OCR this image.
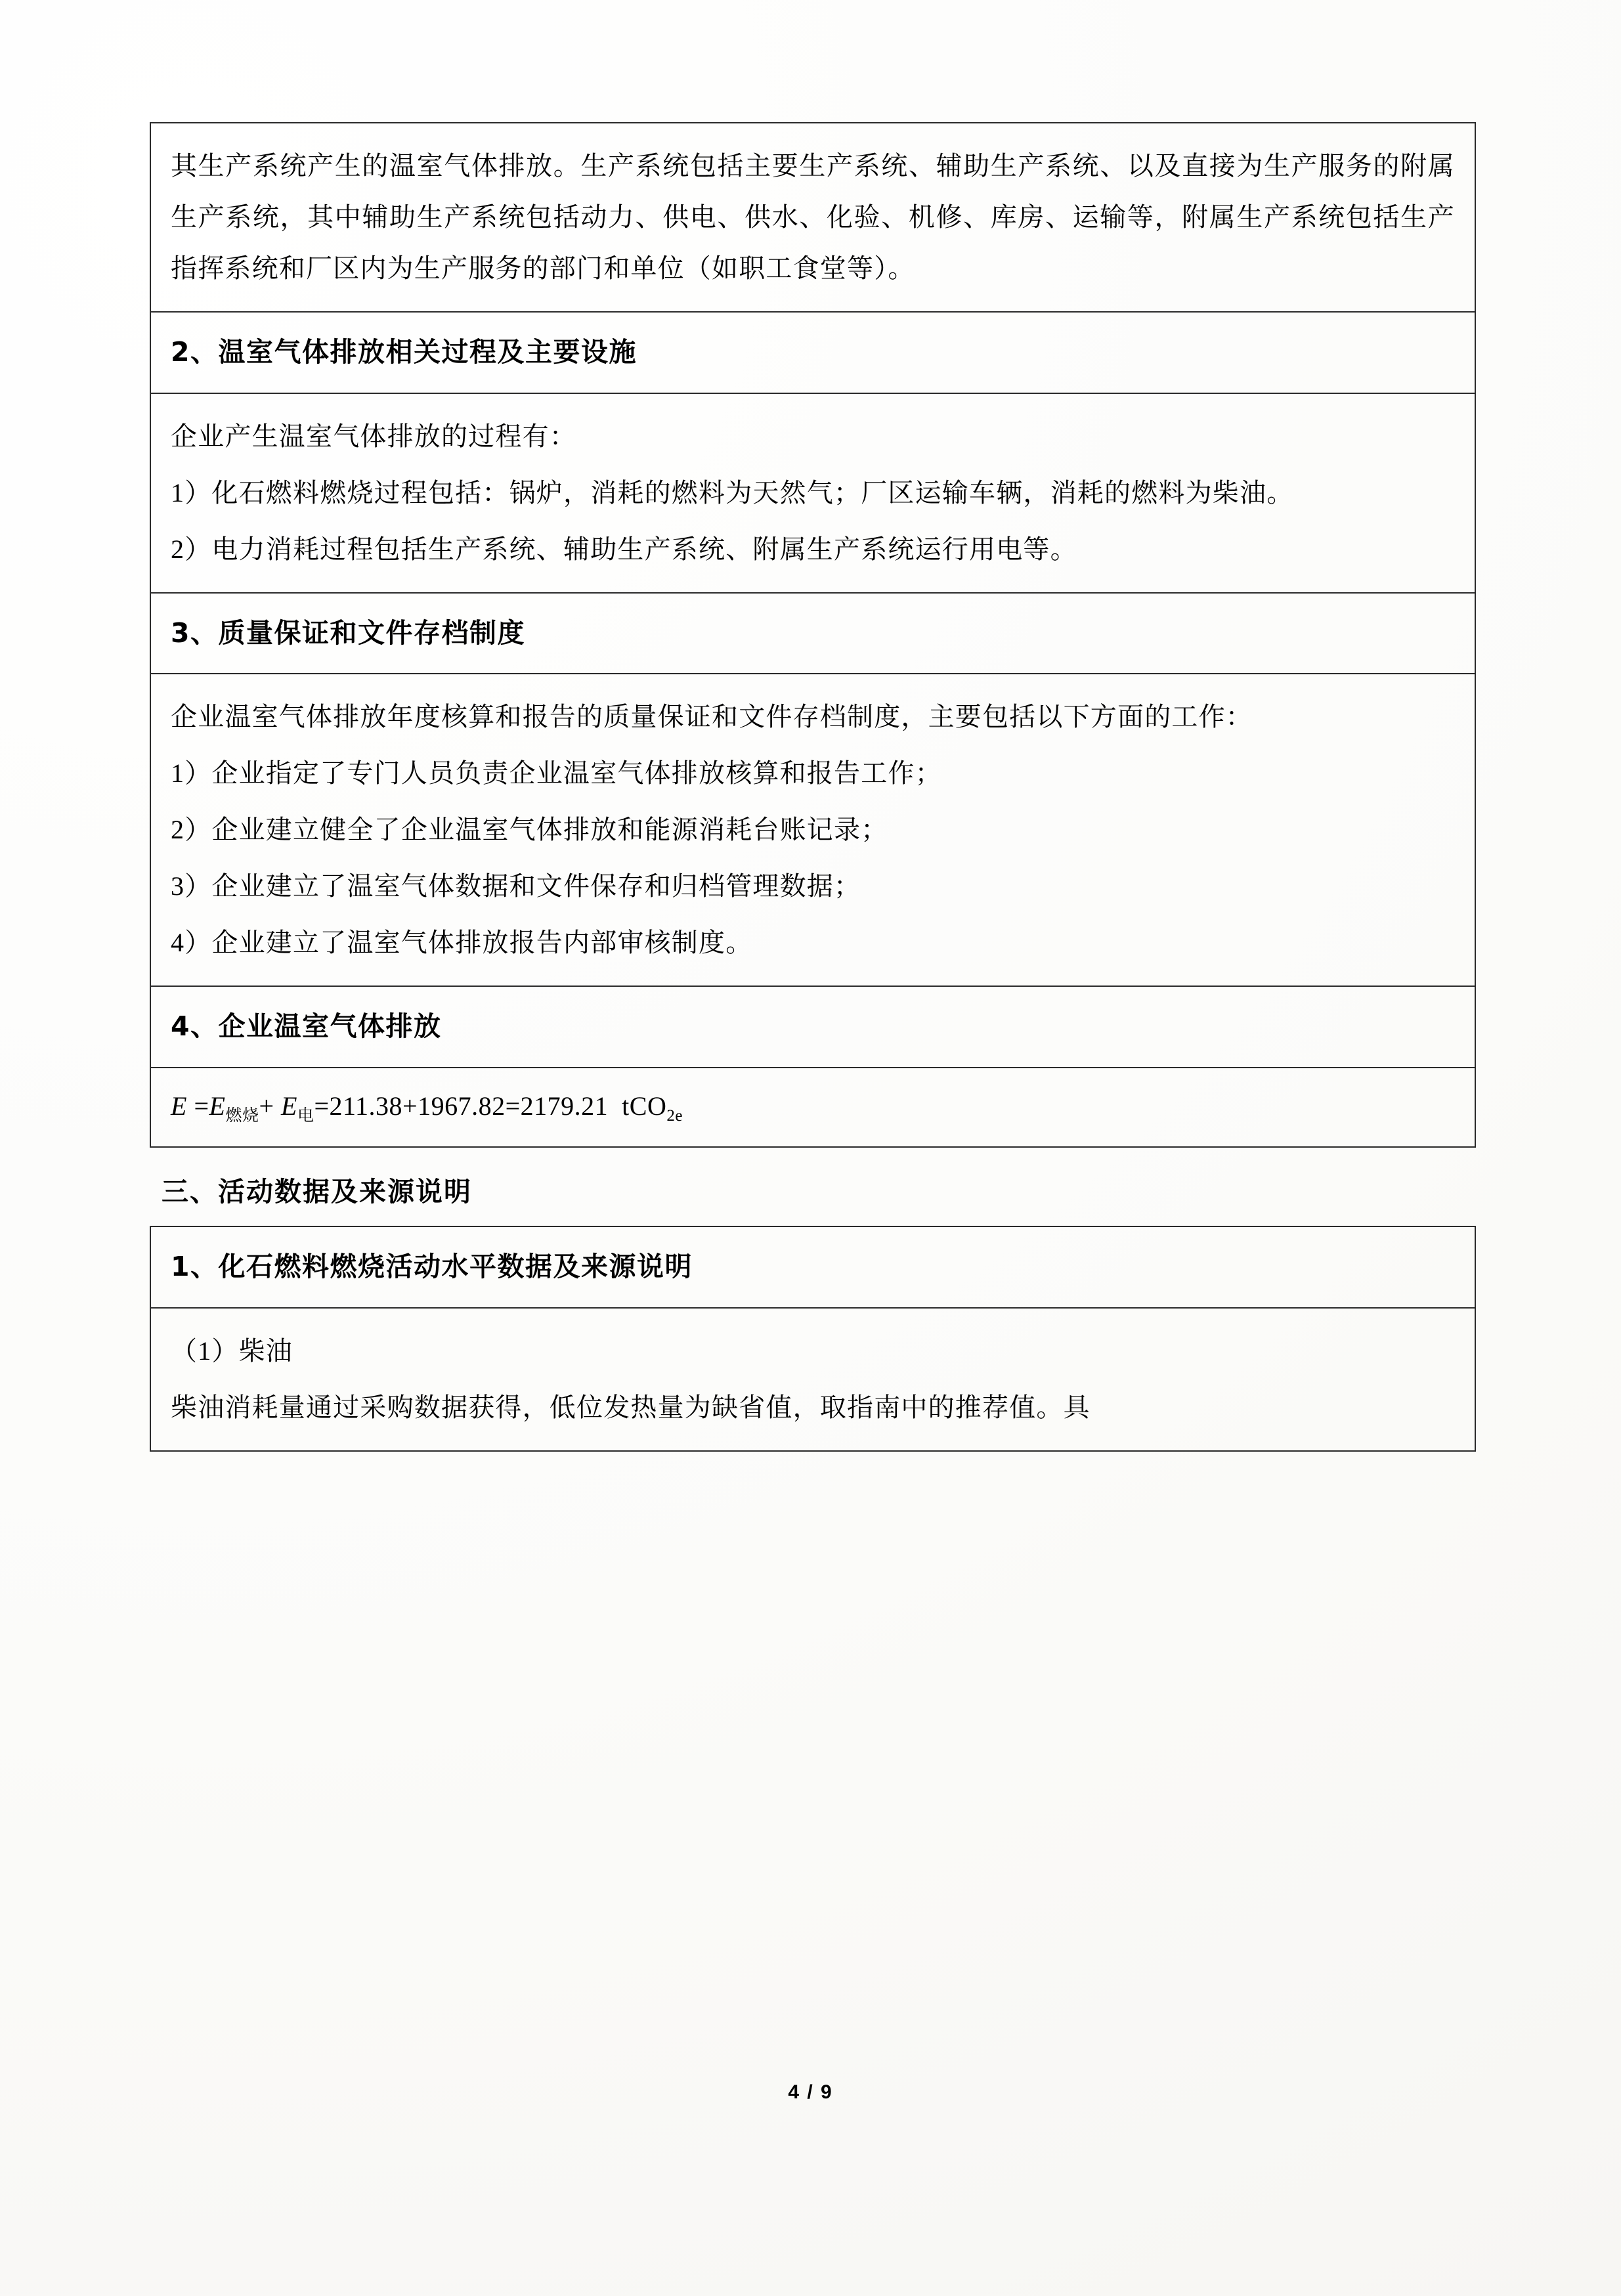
其生产系统产生的温室气体排放。生产系统包括主要生产系统、辅助生产系统、以及直接为生产服务的附属生产系统，其中辅助生产系统包括动力、供电、供水、化验、机修、库房、运输等，附属生产系统包括生产指挥系统和厂区内为生产服务的部门和单位（如职工食堂等）。

2、温室气体排放相关过程及主要设施

企业产生温室气体排放的过程有：

1）化石燃料燃烧过程包括：锅炉，消耗的燃料为天然气；厂区运输车辆，消耗的燃料为柴油。

2）电力消耗过程包括生产系统、辅助生产系统、附属生产系统运行用电等。

3、质量保证和文件存档制度

企业温室气体排放年度核算和报告的质量保证和文件存档制度，主要包括以下方面的工作：

1）企业指定了专门人员负责企业温室气体排放核算和报告工作；

2）企业建立健全了企业温室气体排放和能源消耗台账记录；

3）企业建立了温室气体数据和文件保存和归档管理数据；

4）企业建立了温室气体排放报告内部审核制度。

4、企业温室气体排放

$E =E_{燃烧}+ E_电=211.38+1967.82=2179.21$ tCO$_{2e}$

三、活动数据及来源说明

1、化石燃料燃烧活动水平数据及来源说明

（1）柴油

柴油消耗量通过采购数据获得，低位发热量为缺省值，取指南中的推荐值。具

4 / 9
